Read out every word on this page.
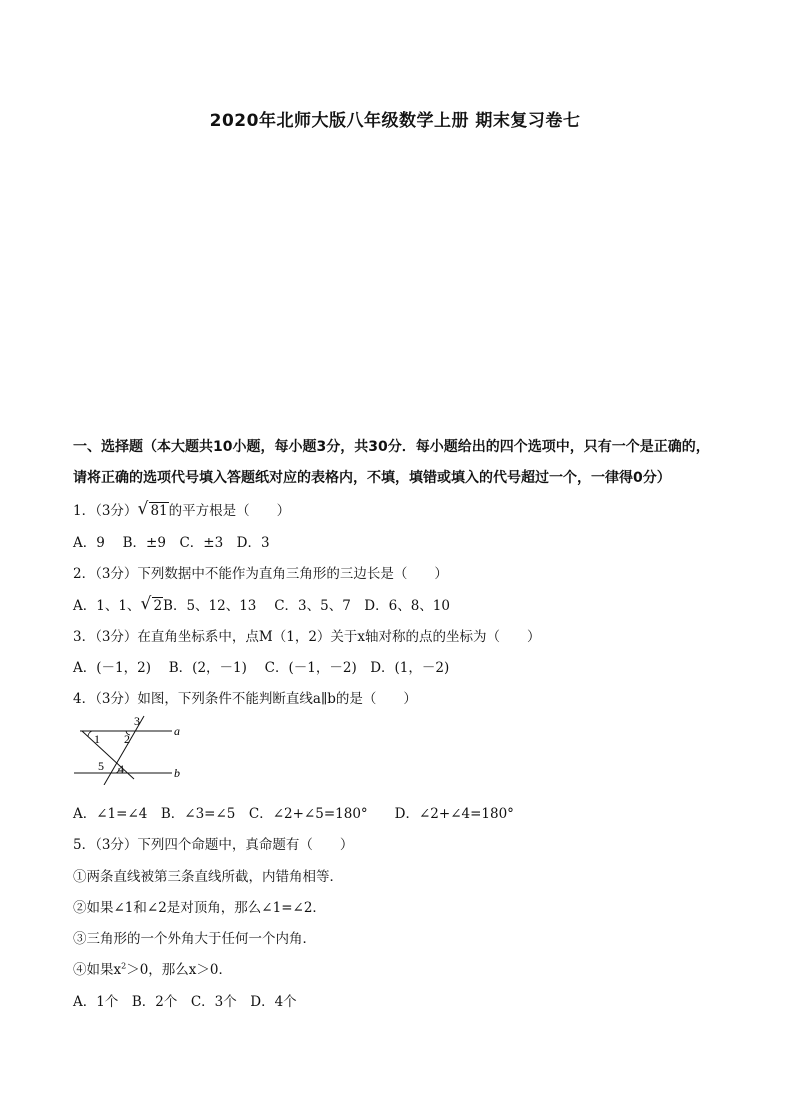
2020年北师大版八年级数学上册 期末复习卷七
一、选择题（本大题共10小题，每小题3分，共30分．每小题给出的四个选项中，只有一个是正确的，
请将正确的选项代号填入答题纸对应的表格内，不填，填错或填入的代号超过一个，一律得0分）
1．（3分） √ 81的平方根是（　　）
A．9　 B．±9　C．±3　D．3
2．（3分）下列数据中不能作为直角三角形的三边长是（　　）
A．1、1、 √ 2B．5、12、13　 C．3、5、7　D．6、8、10
3．（3分）在直角坐标系中，点M（1，2）关于x轴对称的点的坐标为（　　）
A．(－1，2)　 B．(2，－1)　 C．(－1，－2)　D．(1，－2)
4．（3分）如图，下列条件不能判断直线a∥b的是（　　）
a
b
1 2
3
4
5
A．∠1=∠4　B．∠3=∠5　C．∠2+∠5=180°　　D．∠2+∠4=180°
5．（3分）下列四个命题中，真命题有（　　）
①两条直线被第三条直线所截，内错角相等．
②如果∠1和∠2是对顶角，那么∠1=∠2．
③三角形的一个外角大于任何一个内角．
④如果$x^2>0$，那么x＞0．
A．1个　B．2个　C．3个　D．4个
